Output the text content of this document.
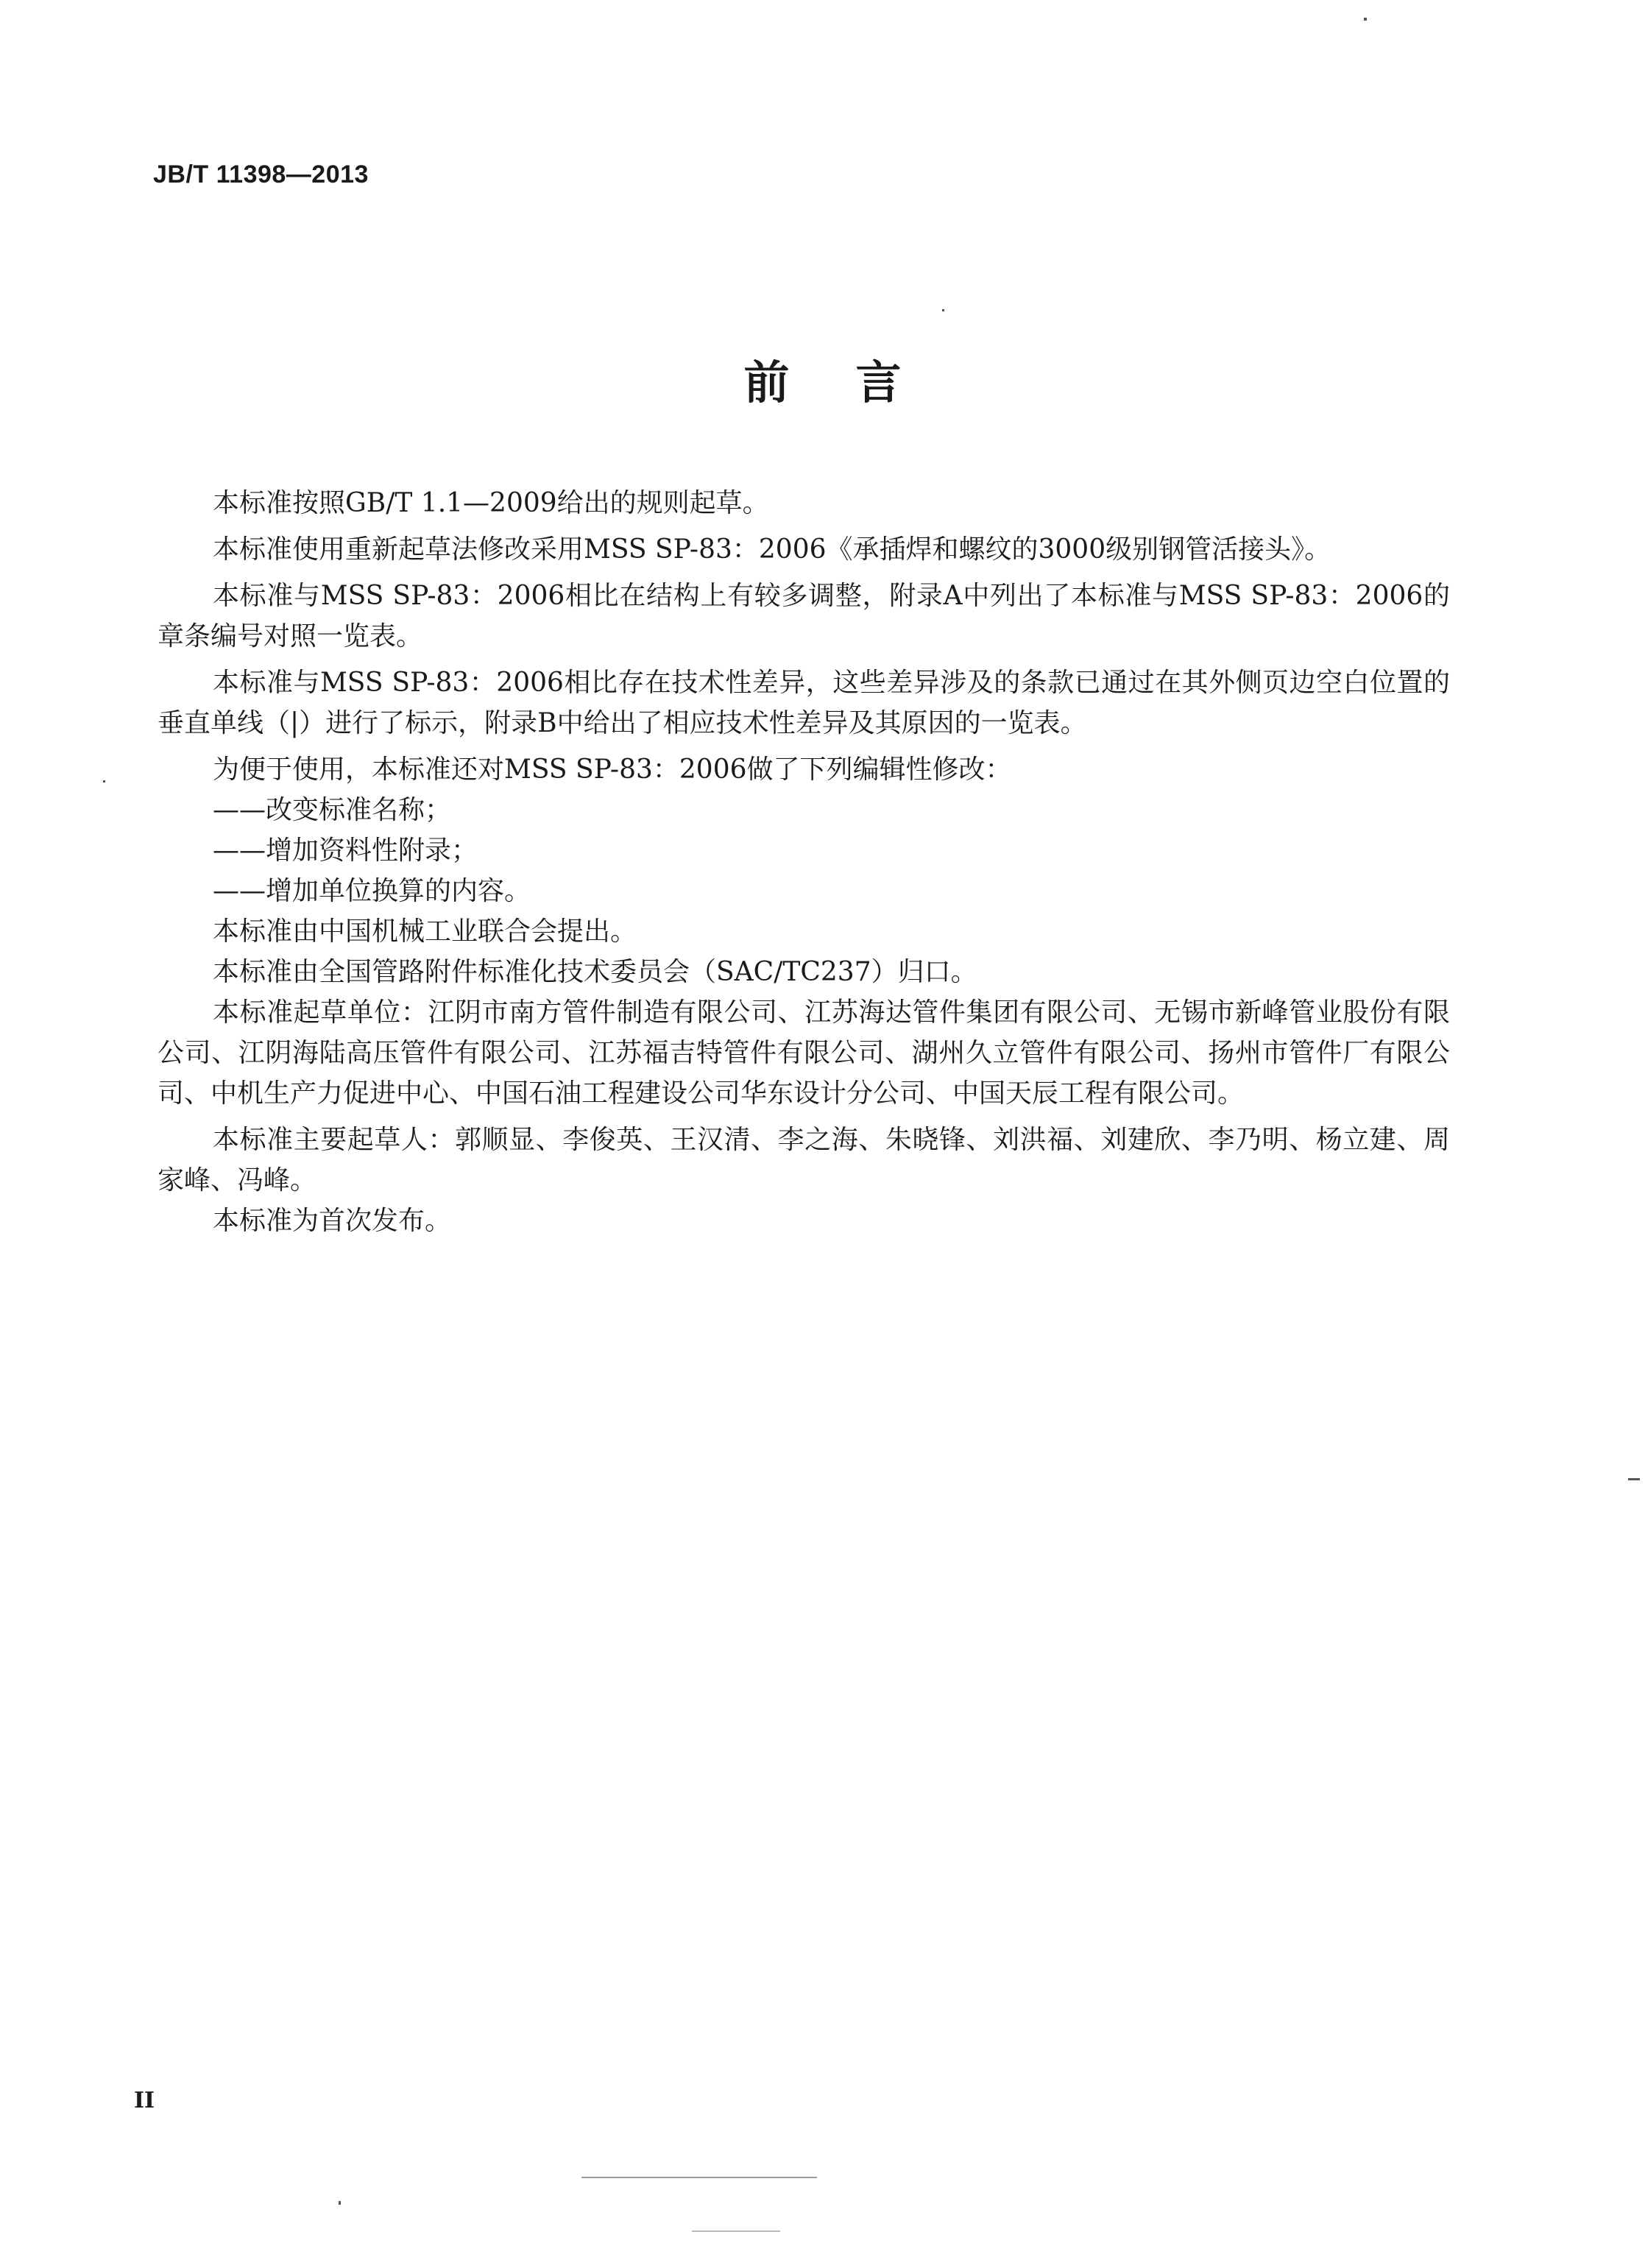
JB/T 11398—2013
前言

本标准按照GB/T 1.1—2009给出的规则起草。

本标准使用重新起草法修改采用MSS SP-83：2006《承插焊和螺纹的3000级别钢管活接头》。

本标准与MSS SP-83：2006相比在结构上有较多调整，附录A中列出了本标准与MSS SP-83：2006的章条编号对照一览表。

本标准与MSS SP-83：2006相比存在技术性差异，这些差异涉及的条款已通过在其外侧页边空白位置的垂直单线（|）进行了标示，附录B中给出了相应技术性差异及其原因的一览表。

为便于使用，本标准还对MSS SP-83：2006做了下列编辑性修改：

——改变标准名称；

——增加资料性附录；

——增加单位换算的内容。

本标准由中国机械工业联合会提出。

本标准由全国管路附件标准化技术委员会（SAC/TC237）归口。

本标准起草单位：江阴市南方管件制造有限公司、江苏海达管件集团有限公司、无锡市新峰管业股份有限公司、江阴海陆高压管件有限公司、江苏福吉特管件有限公司、湖州久立管件有限公司、扬州市管件厂有限公司、中机生产力促进中心、中国石油工程建设公司华东设计分公司、中国天辰工程有限公司。

本标准主要起草人：郭顺显、李俊英、王汉清、李之海、朱晓锋、刘洪福、刘建欣、李乃明、杨立建、周家峰、冯峰。

本标准为首次发布。

II
